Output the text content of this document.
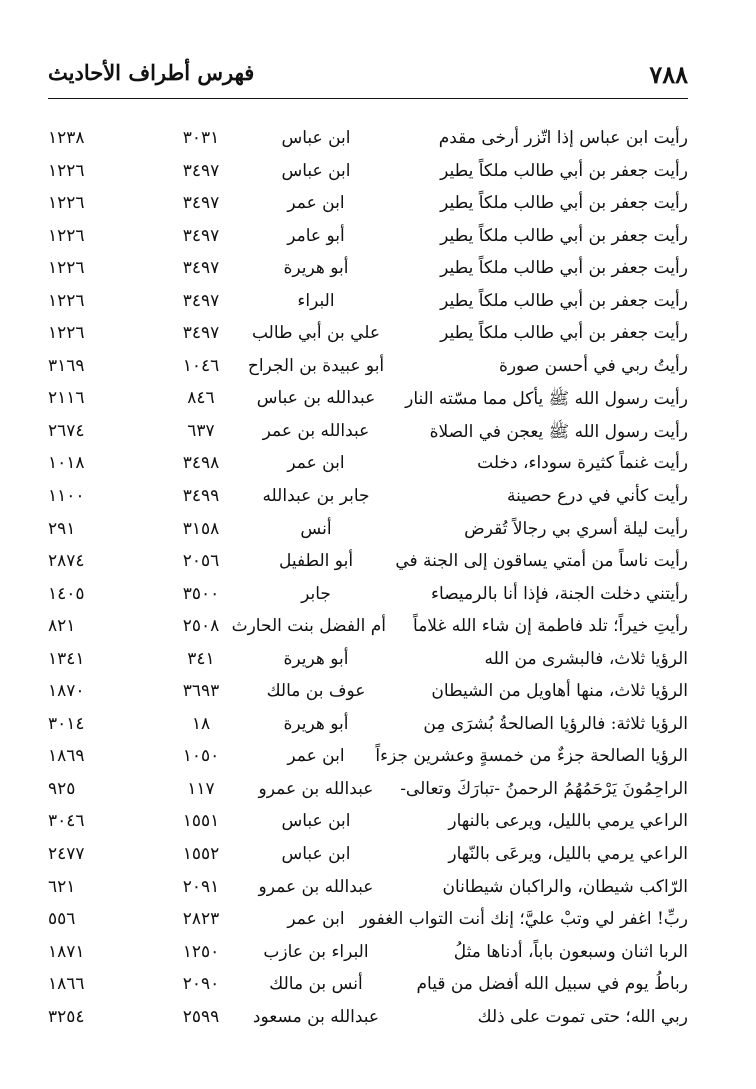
٧٨٨
فهرس أطراف الأحاديث
رأيت ابن عباس إذا اتّزر أرخى مقدم
ابن عباس
٣٠٣١
١٢٣٨
رأيت جعفر بن أبي طالب ملكاً يطير
ابن عباس
٣٤٩٧
١٢٢٦
رأيت جعفر بن أبي طالب ملكاً يطير
ابن عمر
٣٤٩٧
١٢٢٦
رأيت جعفر بن أبي طالب ملكاً يطير
أبو عامر
٣٤٩٧
١٢٢٦
رأيت جعفر بن أبي طالب ملكاً يطير
أبو هريرة
٣٤٩٧
١٢٢٦
رأيت جعفر بن أبي طالب ملكاً يطير
البراء
٣٤٩٧
١٢٢٦
رأيت جعفر بن أبي طالب ملكاً يطير
علي بن أبي طالب
٣٤٩٧
١٢٢٦
رأيتُ ربي في أحسن صورة
أبو عبيدة بن الجراح
١٠٤٦
٣١٦٩
رأيت رسول الله ﷺ يأكل مما مسّته النار
عبدالله بن عباس
٨٤٦
٢١١٦
رأيت رسول الله ﷺ يعجن في الصلاة
عبدالله بن عمر
٦٣٧
٢٦٧٤
رأيت غنماً كثيرة سوداء، دخلت
ابن عمر
٣٤٩٨
١٠١٨
رأيت كأني في درع حصينة
جابر بن عبدالله
٣٤٩٩
١١٠٠
رأيت ليلة أسري بي رجالاً تُقرض
أنس
٣١٥٨
٢٩١
رأيت ناساً من أمتي يساقون إلى الجنة في
أبو الطفيل
٢٠٥٦
٢٨٧٤
رأيتني دخلت الجنة، فإذا أنا بالرميصاء
جابر
٣٥٠٠
١٤٠٥
رأيتِ خيراً؛ تلد فاطمة إن شاء الله غلاماً
أم الفضل بنت الحارث
٢٥٠٨
٨٢١
الرؤيا ثلاث، فالبشرى من الله
أبو هريرة
٣٤١
١٣٤١
الرؤيا ثلاث، منها أهاويل من الشيطان
عوف بن مالك
٣٦٩٣
١٨٧٠
الرؤيا ثلاثة: فالرؤيا الصالحةُ بُشرَى مِن
أبو هريرة
١٨
٣٠١٤
الرؤيا الصالحة جزءٌ من خمسةٍ وعشرين جزءاً
ابن عمر
١٠٥٠
١٨٦٩
الراحِمُونَ يَرْحَمُهُمُ الرحمنُ -تبارَكَ وتعالى-
عبدالله بن عمرو
١١٧
٩٢٥
الراعي يرمي بالليل، ويرعى بالنهار
ابن عباس
١٥٥١
٣٠٤٦
الراعي يرمي بالليل، ويرعَى بالنّهار
ابن عباس
١٥٥٢
٢٤٧٧
الرّاكب شيطان، والراكبان شيطانان
عبدالله بن عمرو
٢٠٩١
٦٢١
ربِّ! اغفر لي وتبْ عليَّ؛ إنك أنت التواب الغفور
ابن عمر
٢٨٢٣
٥٥٦
الربا اثنان وسبعون باباً، أدناها مثلُ
البراء بن عازب
١٢٥٠
١٨٧١
رباطُ يوم في سبيل الله أفضل من قيام
أنس بن مالك
٢٠٩٠
١٨٦٦
ربي الله؛ حتى تموت على ذلك
عبدالله بن مسعود
٢٥٩٩
٣٢٥٤
